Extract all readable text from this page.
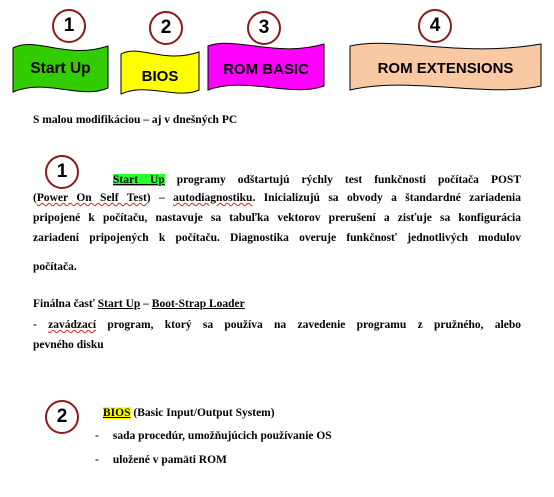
1	2	3	4
Start Up	BIOS	ROM BASIC	ROM EXTENSIONS
S malou modifikáciou – aj v dnešných PC
1	Start Up programy odštartujú rýchly test funkčnosti počítača POST
(Power On Self Test) – autodiagnostiku. Inicializujú sa obvody a štandardné zariadenia
pripojené k počítaču, nastavuje sa tabuľka vektorov prerušení a zisťuje sa konfigurácia
zariadení pripojených k počítaču. Diagnostika overuje funkčnosť jednotlivých modulov
počítača.
Finálna časť Start Up – Boot-Strap Loader
- zavádzací program, ktorý sa používa na zavedenie programu z pružného, alebo
pevného disku
2	BIOS (Basic Input/Output System)
- sada procedúr, umožňujúcich používanie OS
- uložené v pamäti ROM
